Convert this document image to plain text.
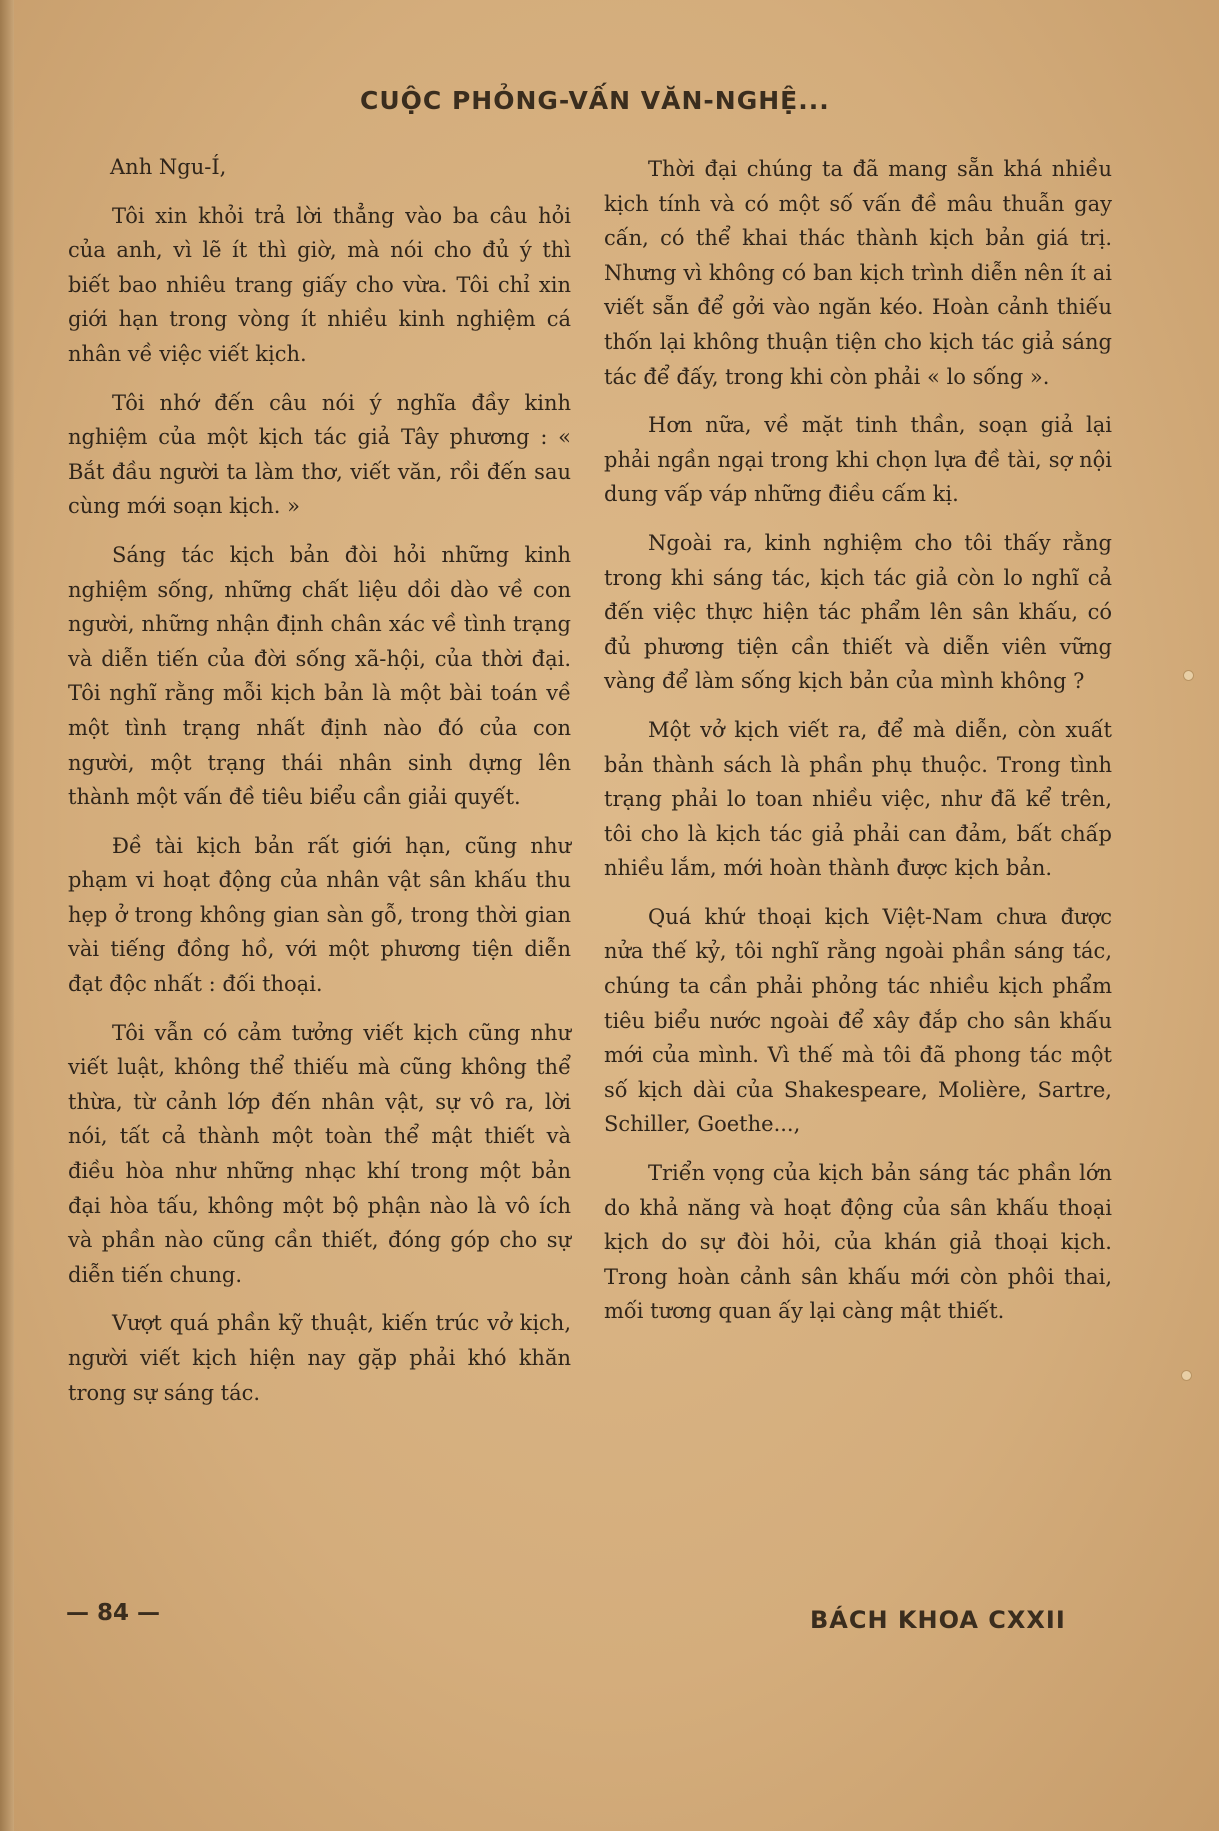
CUỘC PHỎNG-VẤN VĂN-NGHỆ...

Anh Ngu-Í,

Tôi xin khỏi trả lời thẳng vào ba câu hỏi của anh, vì lẽ ít thì giờ, mà nói cho đủ ý thì biết bao nhiêu trang giấy cho vừa. Tôi chỉ xin giới hạn trong vòng ít nhiều kinh nghiệm cá nhân về việc viết kịch.

Tôi nhớ đến câu nói ý nghĩa đầy kinh nghiệm của một kịch tác giả Tây phương : « Bắt đầu người ta làm thơ, viết văn, rồi đến sau cùng mới soạn kịch. »

Sáng tác kịch bản đòi hỏi những kinh nghiệm sống, những chất liệu dồi dào về con người, những nhận định chân xác về tình trạng và diễn tiến của đời sống xã-hội, của thời đại. Tôi nghĩ rằng mỗi kịch bản là một bài toán về một tình trạng nhất định nào đó của con người, một trạng thái nhân sinh dựng lên thành một vấn đề tiêu biểu cần giải quyết.

Đề tài kịch bản rất giới hạn, cũng như phạm vi hoạt động của nhân vật sân khấu thu hẹp ở trong không gian sàn gỗ, trong thời gian vài tiếng đồng hồ, với một phương tiện diễn đạt độc nhất : đối thoại.

Tôi vẫn có cảm tưởng viết kịch cũng như viết luật, không thể thiếu mà cũng không thể thừa, từ cảnh lớp đến nhân vật, sự vô ra, lời nói, tất cả thành một toàn thể mật thiết và điều hòa như những nhạc khí trong một bản đại hòa tấu, không một bộ phận nào là vô ích và phần nào cũng cần thiết, đóng góp cho sự diễn tiến chung.

Vượt quá phần kỹ thuật, kiến trúc vở kịch, người viết kịch hiện nay gặp phải khó khăn trong sự sáng tác.

Thời đại chúng ta đã mang sẵn khá nhiều kịch tính và có một số vấn đề mâu thuẫn gay cấn, có thể khai thác thành kịch bản giá trị. Nhưng vì không có ban kịch trình diễn nên ít ai viết sẵn để gởi vào ngăn kéo. Hoàn cảnh thiếu thốn lại không thuận tiện cho kịch tác giả sáng tác để đấy, trong khi còn phải « lo sống ».

Hơn nữa, về mặt tinh thần, soạn giả lại phải ngần ngại trong khi chọn lựa đề tài, sợ nội dung vấp váp những điều cấm kị.

Ngoài ra, kinh nghiệm cho tôi thấy rằng trong khi sáng tác, kịch tác giả còn lo nghĩ cả đến việc thực hiện tác phẩm lên sân khấu, có đủ phương tiện cần thiết và diễn viên vững vàng để làm sống kịch bản của mình không ?

Một vở kịch viết ra, để mà diễn, còn xuất bản thành sách là phần phụ thuộc. Trong tình trạng phải lo toan nhiều việc, như đã kể trên, tôi cho là kịch tác giả phải can đảm, bất chấp nhiều lắm, mới hoàn thành được kịch bản.

Quá khứ thoại kịch Việt-Nam chưa được nửa thế kỷ, tôi nghĩ rằng ngoài phần sáng tác, chúng ta cần phải phỏng tác nhiều kịch phẩm tiêu biểu nước ngoài để xây đắp cho sân khấu mới của mình. Vì thế mà tôi đã phong tác một số kịch dài của Shakespeare, Molière, Sartre, Schiller, Goethe...,

Triển vọng của kịch bản sáng tác phần lớn do khả năng và hoạt động của sân khấu thoại kịch do sự đòi hỏi, của khán giả thoại kịch. Trong hoàn cảnh sân khấu mới còn phôi thai, mối tương quan ấy lại càng mật thiết.

— 84 —	BÁCH KHOA CXXII
